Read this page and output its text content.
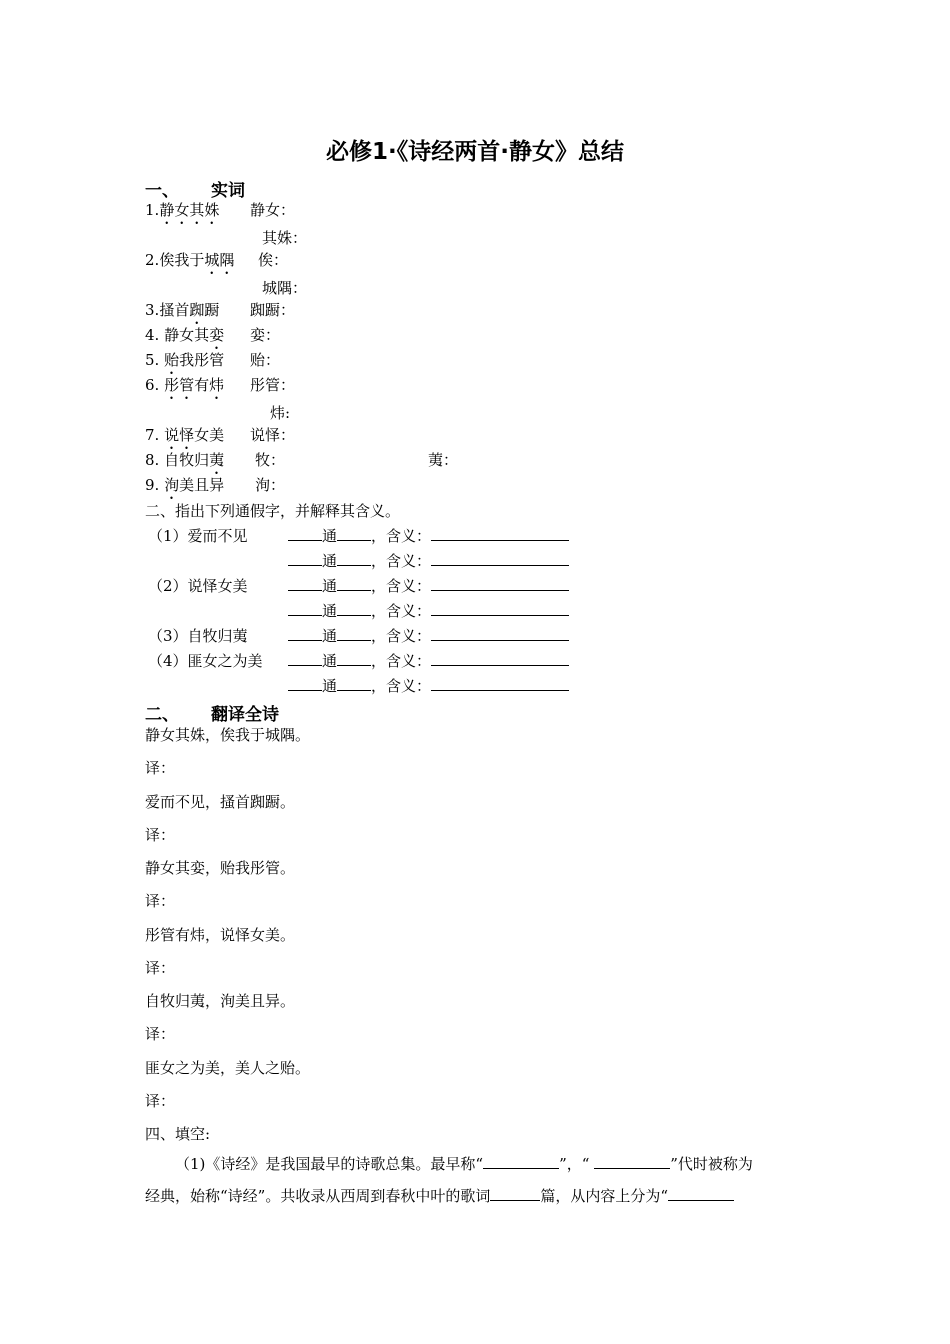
必修1·《诗经两首·静女》总结
一、 实词
1.静女其姝 静女：
其姝：
2.俟我于城隅 俟：
城隅：
3.搔首踟蹰 踟蹰：
4. 静女其娈 娈：
5. 贻我彤管 贻：
6. 彤管有炜 彤管：
炜:
7. 说怿女美 说怿：
8. 自牧归荑 牧：	荑：
9. 洵美且异 洵：
二、指出下列通假字，并解释其含义。
（1）爱而不见	通 ，含义：
通 ，含义：
（2）说怿女美	通 ，含义：
通 ，含义：
（3）自牧归荑	通 ，含义：
（4）匪女之为美	通 ，含义：
通 ，含义：
二、 翻译全诗
静女其姝，俟我于城隅。
译：
爱而不见，搔首踟蹰。
译：
静女其娈，贻我彤管。
译：
彤管有炜，说怿女美。
译：
自牧归荑，洵美且异。
译：
匪女之为美，美人之贻。
译：
四、填空:
（1)《诗经》是我国最早的诗歌总集。最早称“	”，“	”代时被称为
经典，始称“诗经”。共收录从西周到春秋中叶的歌词	篇，从内容上分为“
